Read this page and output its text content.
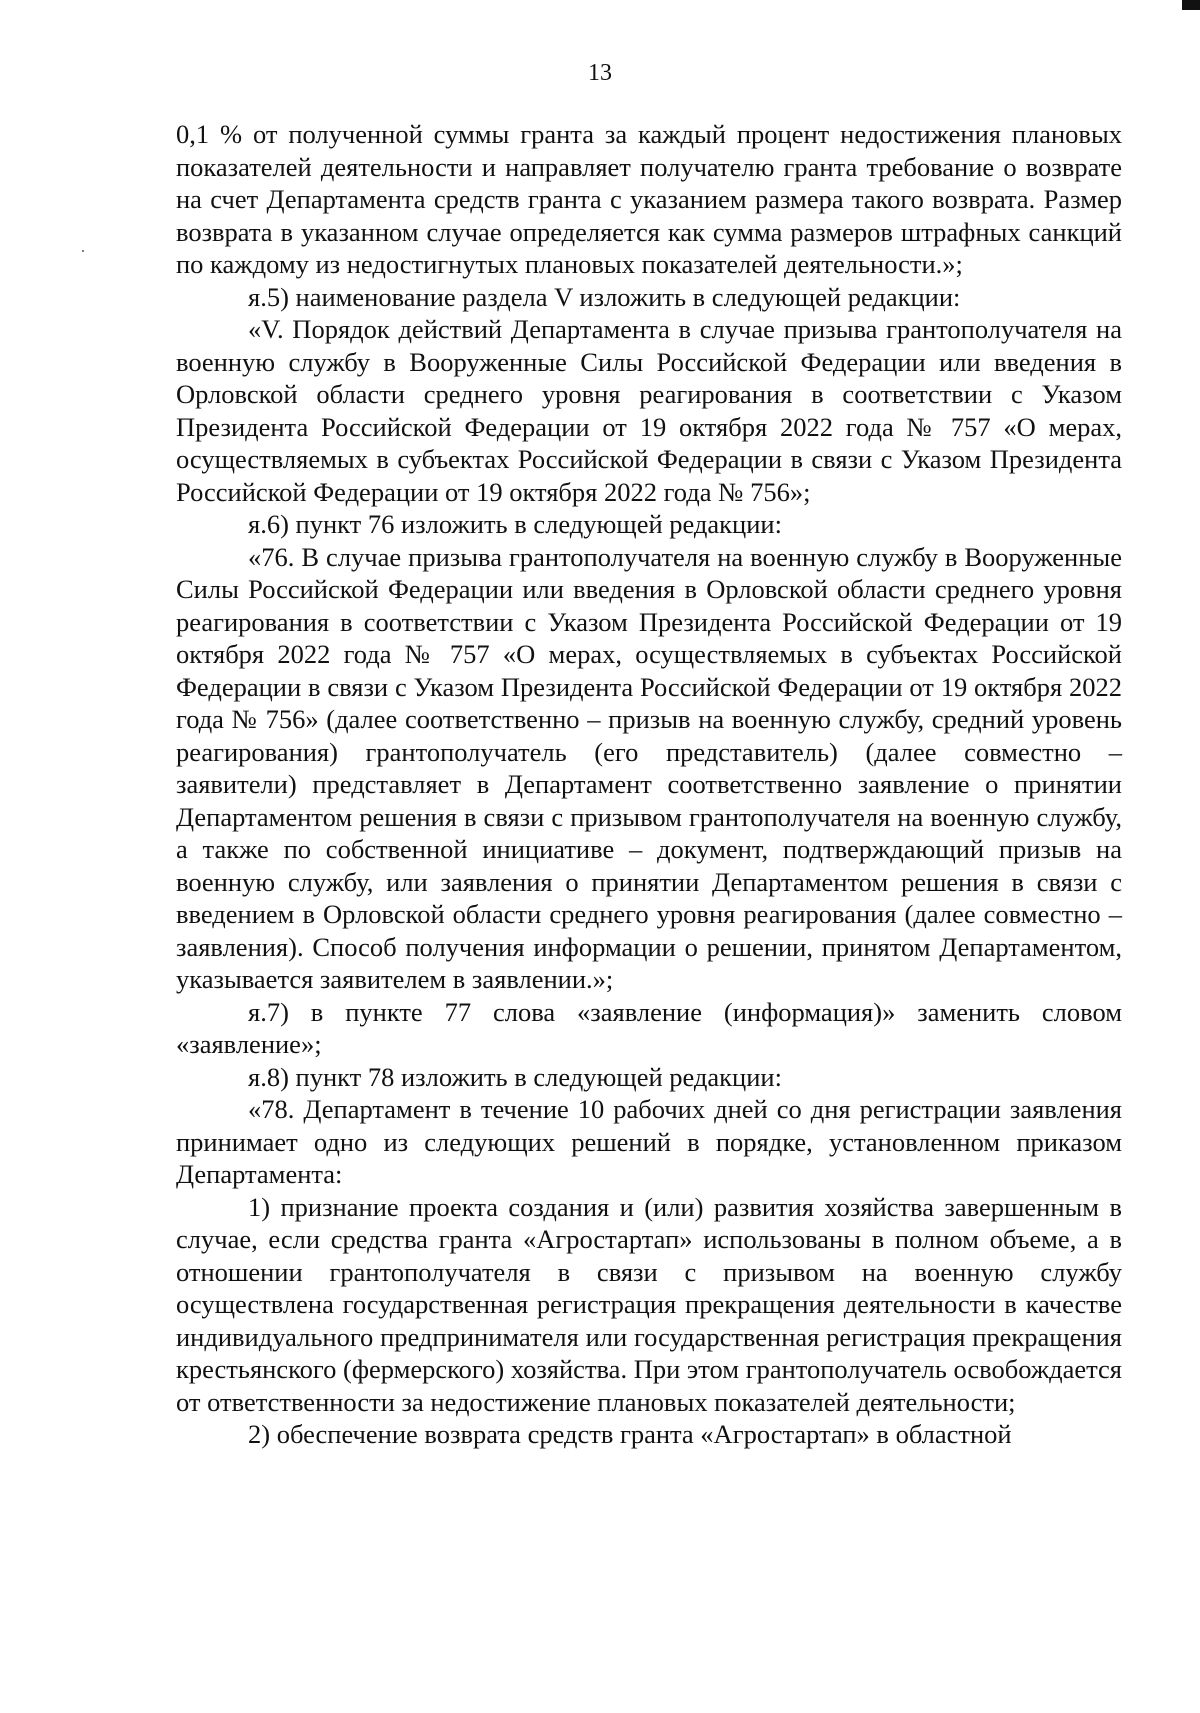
13

0,1 % от полученной суммы гранта за каждый процент недостижения плановых показателей деятельности и направляет получателю гранта требование о возврате на счет Департамента средств гранта с указанием размера такого возврата. Размер возврата в указанном случае определяется как сумма размеров штрафных санкций по каждому из недостигнутых плановых показателей деятельности.»;

я.5) наименование раздела V изложить в следующей редакции:

«V. Порядок действий Департамента в случае призыва грантополучателя на военную службу в Вооруженные Силы Российской Федерации или введения в Орловской области среднего уровня реагирования в соответствии с Указом Президента Российской Федерации от 19 октября 2022 года № 757 «О мерах, осуществляемых в субъектах Российской Федерации в связи с Указом Президента Российской Федерации от 19 октября 2022 года № 756»;

я.6) пункт 76 изложить в следующей редакции:

«76. В случае призыва грантополучателя на военную службу в Вооруженные Силы Российской Федерации или введения в Орловской области среднего уровня реагирования в соответствии с Указом Президента Российской Федерации от 19 октября 2022 года № 757 «О мерах, осуществляемых в субъектах Российской Федерации в связи с Указом Президента Российской Федерации от 19 октября 2022 года № 756» (далее соответственно – призыв на военную службу, средний уровень реагирования) грантополучатель (его представитель) (далее совместно – заявители) представляет в Департамент соответственно заявление о принятии Департаментом решения в связи с призывом грантополучателя на военную службу, а также по собственной инициативе – документ, подтверждающий призыв на военную службу, или заявления о принятии Департаментом решения в связи с введением в Орловской области среднего уровня реагирования (далее совместно – заявления). Способ получения информации о решении, принятом Департаментом, указывается заявителем в заявлении.»;

я.7) в пункте 77 слова «заявление (информация)» заменить словом «заявление»;

я.8) пункт 78 изложить в следующей редакции:

«78. Департамент в течение 10 рабочих дней со дня регистрации заявления принимает одно из следующих решений в порядке, установленном приказом Департамента:

1) признание проекта создания и (или) развития хозяйства завершенным в случае, если средства гранта «Агростартап» использованы в полном объеме, а в отношении грантополучателя в связи с призывом на военную службу осуществлена государственная регистрация прекращения деятельности в качестве индивидуального предпринимателя или государственная регистрация прекращения крестьянского (фермерского) хозяйства. При этом грантополучатель освобождается от ответственности за недостижение плановых показателей деятельности;

2) обеспечение возврата средств гранта «Агростартап» в областной
